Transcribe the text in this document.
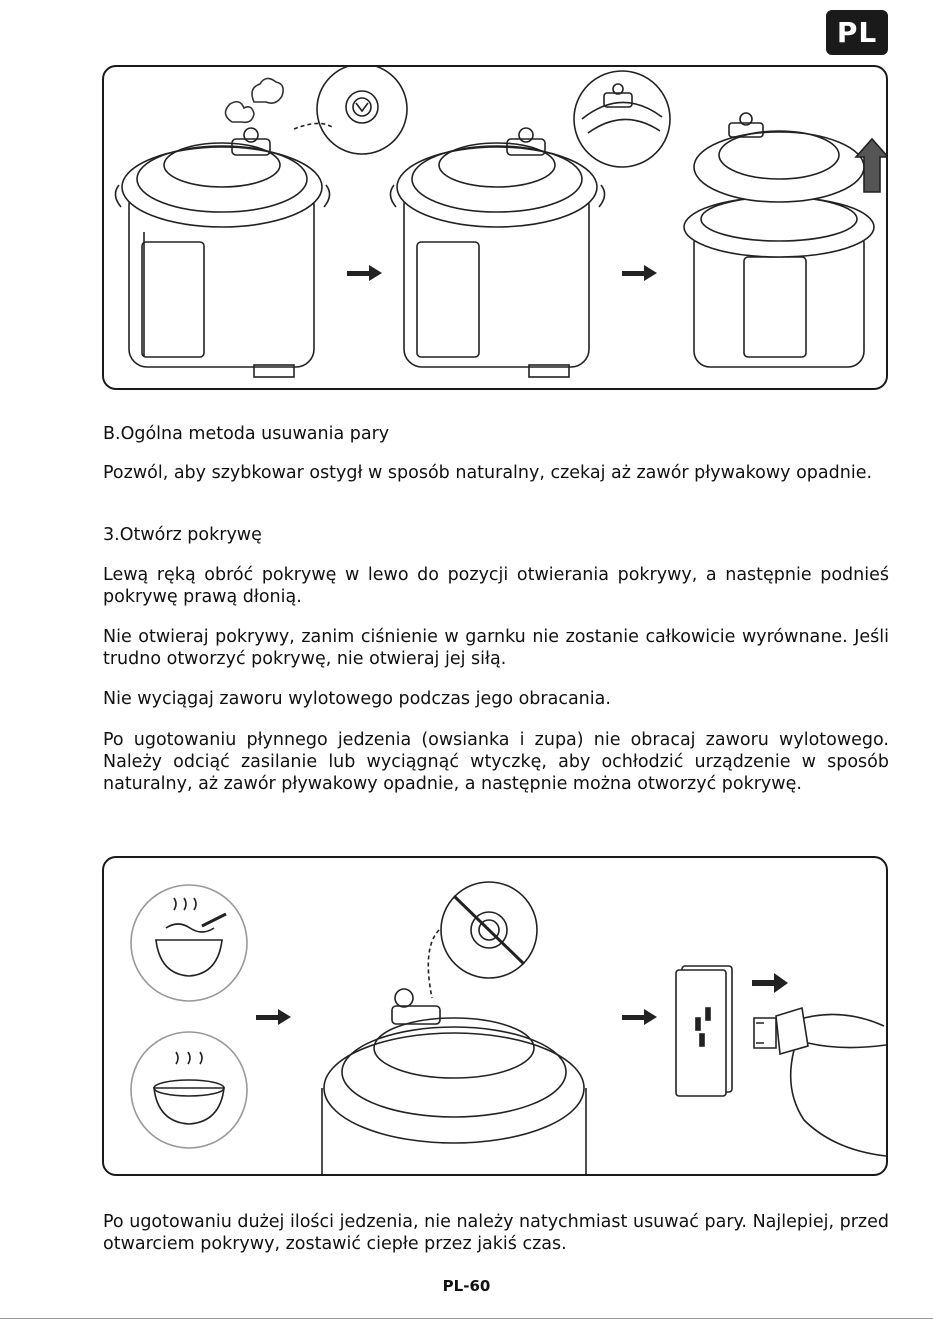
PL

B.Ogólna metoda usuwania pary

Pozwól, aby szybkowar ostygł w sposób naturalny, czekaj aż zawór pływakowy opadnie.

3.Otwórz pokrywę

Lewą ręką obróć pokrywę w lewo do pozycji otwierania pokrywy, a następnie podnieś pokrywę prawą dłonią.

Nie otwieraj pokrywy, zanim ciśnienie w garnku nie zostanie całkowicie wyrównane. Jeśli trudno otworzyć pokrywę, nie otwieraj jej siłą.

Nie wyciągaj zaworu wylotowego podczas jego obracania.

Po ugotowaniu płynnego jedzenia (owsianka i zupa) nie obracaj zaworu wylotowego. Należy odciąć zasilanie lub wyciągnąć wtyczkę, aby ochłodzić urządzenie w sposób naturalny, aż zawór pływakowy opadnie, a następnie można otworzyć pokrywę.

Po ugotowaniu dużej ilości jedzenia, nie należy natychmiast usuwać pary. Najlepiej, przed otwarciem pokrywy, zostawić ciepłe przez jakiś czas.

PL-60
